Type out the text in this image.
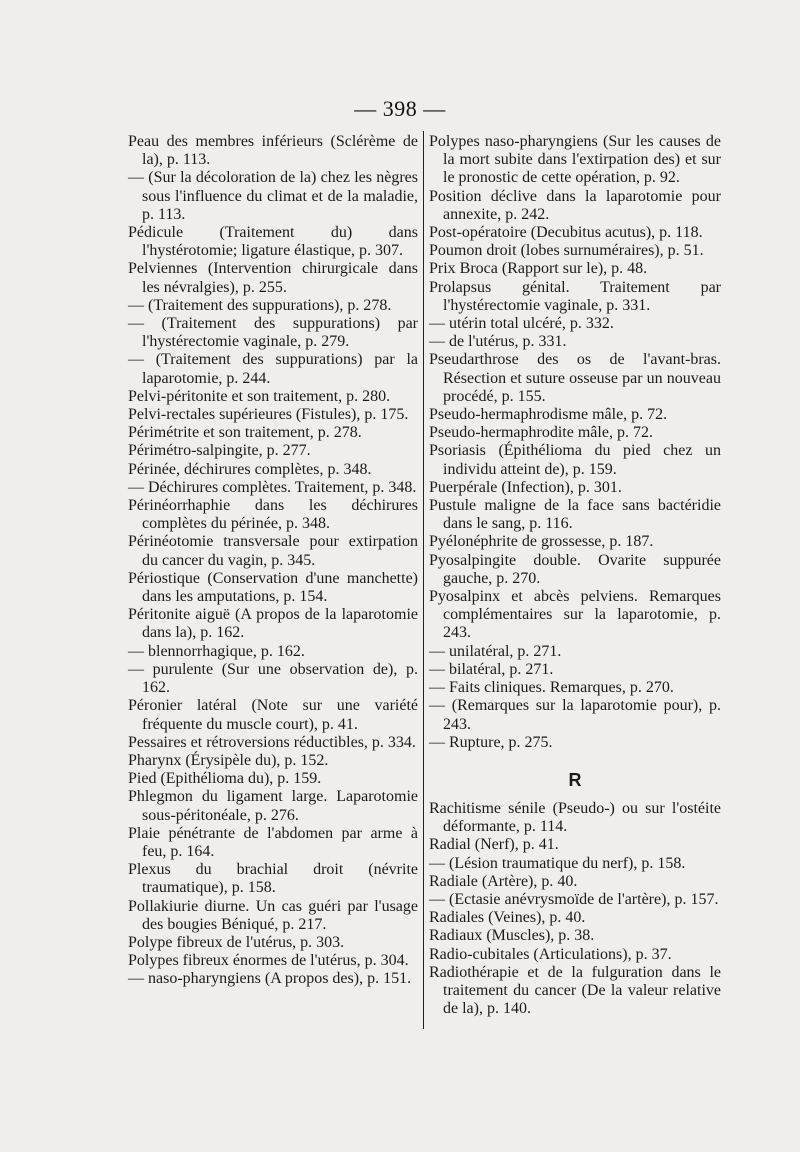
— 398 —

Peau des membres inférieurs (Sclérème de la), p. 113.

— (Sur la décoloration de la) chez les nègres sous l'influence du climat et de la maladie, p. 113.

Pédicule (Traitement du) dans l'hystérotomie; ligature élastique, p. 307.

Pelviennes (Intervention chirurgicale dans les névralgies), p. 255.

— (Traitement des suppurations), p. 278.

— (Traitement des suppurations) par l'hystérectomie vaginale, p. 279.

— (Traitement des suppurations) par la laparotomie, p. 244.

Pelvi-péritonite et son traitement, p. 280.

Pelvi-rectales supérieures (Fistules), p. 175.

Périmétrite et son traitement, p. 278.

Périmétro-salpingite, p. 277.

Périnée, déchirures complètes, p. 348.

— Déchirures complètes. Traitement, p. 348.

Périnéorrhaphie dans les déchirures complètes du périnée, p. 348.

Périnéotomie transversale pour extirpation du cancer du vagin, p. 345.

Périostique (Conservation d'une manchette) dans les amputations, p. 154.

Péritonite aiguë (A propos de la laparotomie dans la), p. 162.

— blennorrhagique, p. 162.

— purulente (Sur une observation de), p. 162.

Péronier latéral (Note sur une variété fréquente du muscle court), p. 41.

Pessaires et rétroversions réductibles, p. 334.

Pharynx (Érysipèle du), p. 152.

Pied (Epithélioma du), p. 159.

Phlegmon du ligament large. Laparotomie sous-péritonéale, p. 276.

Plaie pénétrante de l'abdomen par arme à feu, p. 164.

Plexus du brachial droit (névrite traumatique), p. 158.

Pollakiurie diurne. Un cas guéri par l'usage des bougies Béniqué, p. 217.

Polype fibreux de l'utérus, p. 303.

Polypes fibreux énormes de l'utérus, p. 304.

— naso-pharyngiens (A propos des), p. 151.

Polypes naso-pharyngiens (Sur les causes de la mort subite dans l'extirpation des) et sur le pronostic de cette opération, p. 92.

Position déclive dans la laparotomie pour annexite, p. 242.

Post-opératoire (Decubitus acutus), p. 118.

Poumon droit (lobes surnuméraires), p. 51.

Prix Broca (Rapport sur le), p. 48.

Prolapsus génital. Traitement par l'hystérectomie vaginale, p. 331.

— utérin total ulcéré, p. 332.

— de l'utérus, p. 331.

Pseudarthrose des os de l'avant-bras. Résection et suture osseuse par un nouveau procédé, p. 155.

Pseudo-hermaphrodisme mâle, p. 72.

Pseudo-hermaphrodite mâle, p. 72.

Psoriasis (Épithélioma du pied chez un individu atteint de), p. 159.

Puerpérale (Infection), p. 301.

Pustule maligne de la face sans bactéridie dans le sang, p. 116.

Pyélonéphrite de grossesse, p. 187.

Pyosalpingite double. Ovarite suppurée gauche, p. 270.

Pyosalpinx et abcès pelviens. Remarques complémentaires sur la laparotomie, p. 243.

— unilatéral, p. 271.

— bilatéral, p. 271.

— Faits cliniques. Remarques, p. 270.

— (Remarques sur la laparotomie pour), p. 243.

— Rupture, p. 275.

R

Rachitisme sénile (Pseudo-) ou sur l'ostéite déformante, p. 114.

Radial (Nerf), p. 41.

— (Lésion traumatique du nerf), p. 158.

Radiale (Artère), p. 40.

— (Ectasie anévrysmoïde de l'artère), p. 157.

Radiales (Veines), p. 40.

Radiaux (Muscles), p. 38.

Radio-cubitales (Articulations), p. 37.

Radiothérapie et de la fulguration dans le traitement du cancer (De la valeur relative de la), p. 140.
